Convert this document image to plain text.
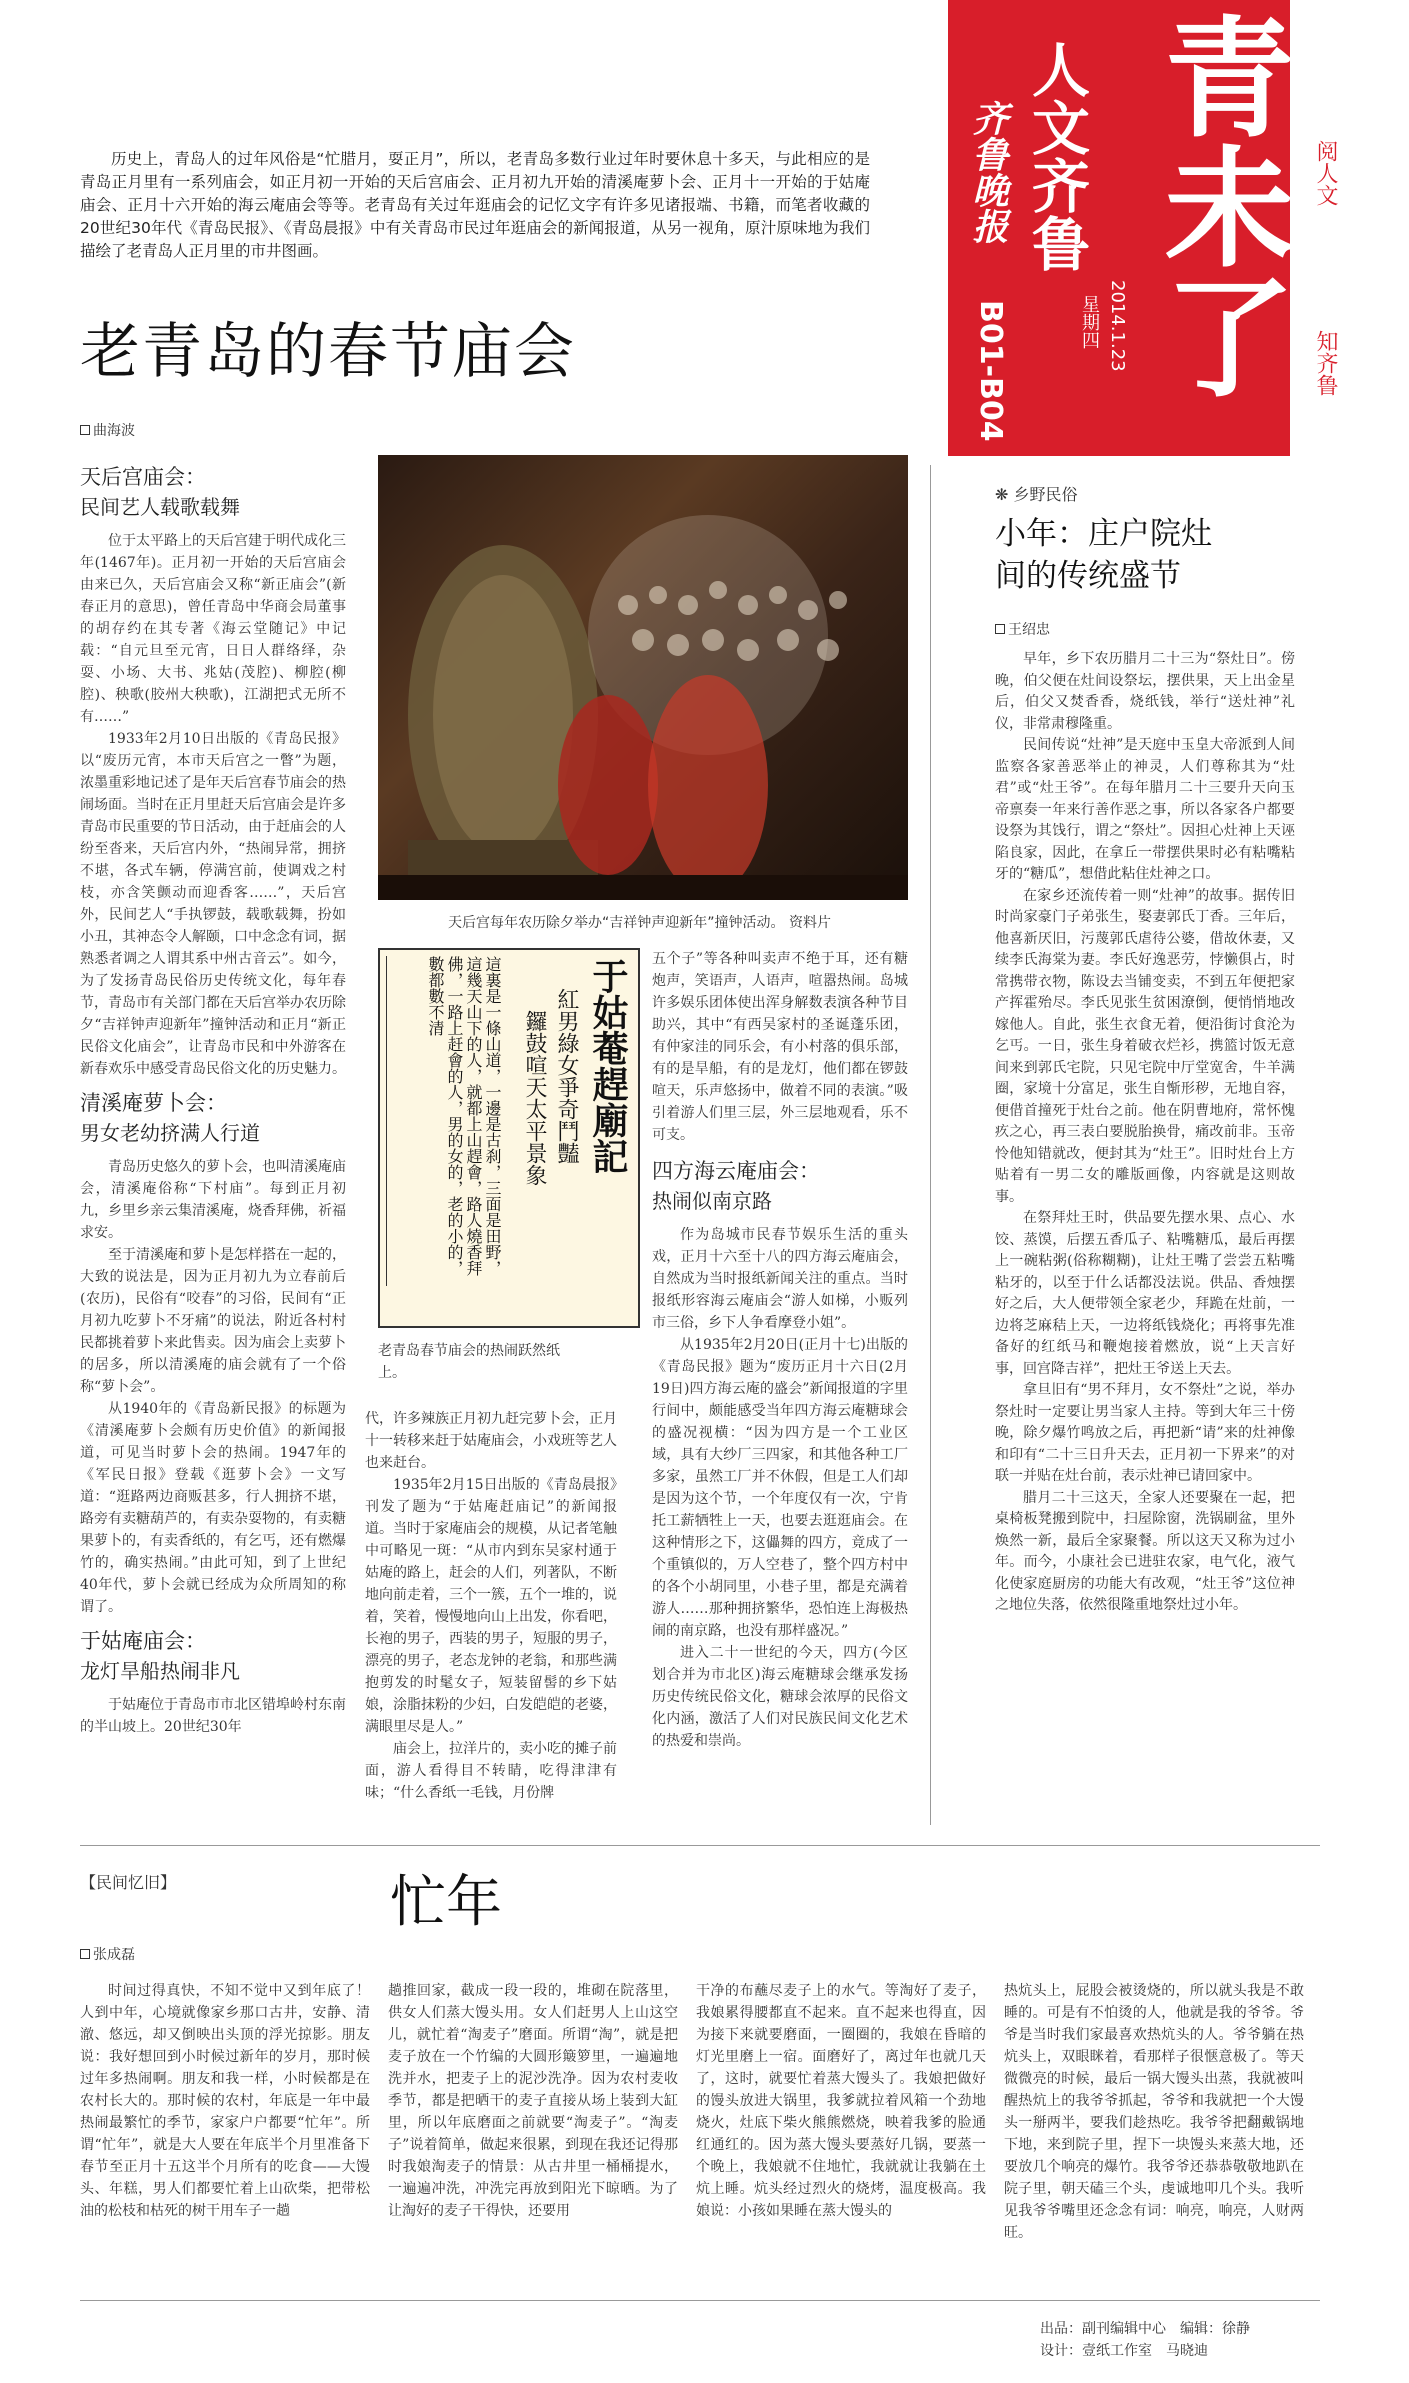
齐鲁晚报
B01-B04
人文齐鲁
星期四 2014.1.23 青未了 阅人文
知齐鲁
历史上，青岛人的过年风俗是“忙腊月，耍正月”，所以，老青岛多数行业过年时要休息十多天，与此相应的是青岛正月里有一系列庙会，如正月初一开始的天后宫庙会、正月初九开始的清溪庵萝卜会、正月十一开始的于姑庵庙会、正月十六开始的海云庵庙会等等。老青岛有关过年逛庙会的记忆文字有许多见诸报端、书籍，而笔者收藏的20世纪30年代《青岛民报》、《青岛晨报》中有关青岛市民过年逛庙会的新闻报道，从另一视角，原汁原味地为我们描绘了老青岛人正月里的市井图画。
老青岛的春节庙会
曲海波
天后宫庙会：
民间艺人载歌载舞

位于太平路上的天后宫建于明代成化三年(1467年)。正月初一开始的天后宫庙会由来已久，天后宫庙会又称“新正庙会”(新春正月的意思)，曾任青岛中华商会局董事的胡存约在其专著《海云堂随记》中记载：“自元旦至元宵，日日人群络绎，杂耍、小场、大书、兆姑(茂腔)、柳腔(柳腔)、秧歌(胶州大秧歌)，江湖把式无所不有……”

1933年2月10日出版的《青岛民报》以“废历元宵，本市天后宫之一瞥”为题，浓墨重彩地记述了是年天后宫春节庙会的热闹场面。当时在正月里赶天后宫庙会是许多青岛市民重要的节日活动，由于赶庙会的人纷至沓来，天后宫内外，“热闹异常，拥挤不堪，各式车辆，停满宫前，使调戏之村枝，亦含笑颤动而迎香客……”，天后宫外，民间艺人“手执锣鼓，载歌载舞，扮如小丑，其神态令人解颐，口中念念有词，据熟悉者调之人谓其系中州古音云”。如今，为了发扬青岛民俗历史传统文化，每年春节，青岛市有关部门都在天后宫举办农历除夕“吉祥钟声迎新年”撞钟活动和正月“新正民俗文化庙会”，让青岛市民和中外游客在新春欢乐中感受青岛民俗文化的历史魅力。

清溪庵萝卜会：
男女老幼挤满人行道

青岛历史悠久的萝卜会，也叫清溪庵庙会，清溪庵俗称“下村庙”。每到正月初九，乡里乡亲云集清溪庵，烧香拜佛，祈福求安。

至于清溪庵和萝卜是怎样搭在一起的，大致的说法是，因为正月初九为立春前后(农历)，民俗有“咬春”的习俗，民间有“正月初九吃萝卜不牙痛”的说法，附近各村村民都挑着萝卜来此售卖。因为庙会上卖萝卜的居多，所以清溪庵的庙会就有了一个俗称“萝卜会”。

从1940年的《青岛新民报》的标题为《清溪庵萝卜会颇有历史价值》的新闻报道，可见当时萝卜会的热闹。1947年的《军民日报》登载《逛萝卜会》一文写道：“逛路两边商贩甚多，行人拥挤不堪，路旁有卖糖葫芦的，有卖杂耍物的，有卖糖果萝卜的，有卖香纸的，有乞丐，还有燃爆竹的，确实热闹。”由此可知，到了上世纪40年代，萝卜会就已经成为众所周知的称谓了。

于姑庵庙会：
龙灯旱船热闹非凡

于姑庵位于青岛市市北区错埠岭村东南的半山坡上。20世纪30年

天后宫每年农历除夕举办“吉祥钟声迎新年”撞钟活动。 资料片
于姑菴趕廟記
紅男綠女爭奇鬥豔
鑼鼓喧天太平景象
這裏是一條山道，一邊是古刹，三面是田野，這幾天山下的人，就都上山趕會，路人燒香拜佛，一路上赶會的人，男的女的，老的小的，數都數不清
老青岛春节庙会的热闹跃然纸上。

代，许多辣族正月初九赶完萝卜会，正月十一转移来赶于姑庵庙会，小戏班等艺人也来赶台。

1935年2月15日出版的《青岛晨报》刊发了题为“于姑庵赶庙记”的新闻报道。当时于家庵庙会的规模，从记者笔触中可略见一斑：“从市内到东吴家村通于姑庵的路上，赶会的人们，列著队，不断地向前走着，三个一簇，五个一堆的，说着，笑着，慢慢地向山上出发，你看吧，长袍的男子，西装的男子，短服的男子，漂亮的男子，老态龙钟的老翁，和那些满抱剪发的时髦女子，短装留髻的乡下姑娘，涂脂抹粉的少妇，白发皑皑的老婆，满眼里尽是人。”

庙会上，拉洋片的，卖小吃的摊子前面，游人看得目不转睛，吃得津津有味；“什么香纸一毛钱，月份牌

五个子”等各种叫卖声不绝于耳，还有糖炮声，笑语声，人语声，喧嚣热闹。岛城许多娱乐团体使出浑身解数表演各种节目助兴，其中“有西吴家村的圣诞蓬乐团，有仲家洼的同乐会，有小村落的俱乐部，有的是旱船，有的是龙灯，他们都在锣鼓喧天，乐声悠扬中，做着不同的表演。”吸引着游人们里三层，外三层地观看，乐不可支。

四方海云庵庙会：
热闹似南京路

作为岛城市民春节娱乐生活的重头戏，正月十六至十八的四方海云庵庙会，自然成为当时报纸新闻关注的重点。当时报纸形容海云庵庙会“游人如梯，小贩列市三俗，乡下人争看摩登小姐”。

从1935年2月20日(正月十七)出版的《青岛民报》题为“废历正月十六日(2月19日)四方海云庵的盛会”新闻报道的字里行间中，颇能感受当年四方海云庵糖球会的盛况视横：“因为四方是一个工业区域，具有大纱厂三四家，和其他各种工厂多家，虽然工厂并不休假，但是工人们却是因为这个节，一个年度仅有一次，宁肯托工薪牺牲上一天，也要去逛逛庙会。在这种情形之下，这儡舞的四方，竟成了一个重镇似的，万人空巷了，整个四方村中的各个小胡同里，小巷子里，都是充满着游人……那种拥挤繁华，恐怕连上海极热闹的南京路，也没有那样盛况。”

进入二十一世纪的今天，四方(今区划合并为市北区)海云庵糖球会继承发扬历史传统民俗文化，糖球会浓厚的民俗文化内涵，激活了人们对民族民间文化艺术的热爱和崇尚。

❋ 乡野民俗
小年：庄户院灶
间的传统盛节
王绍忠

早年，乡下农历腊月二十三为“祭灶日”。傍晚，伯父便在灶间设祭坛，摆供果，天上出金星后，伯父又焚香香，烧纸钱，举行“送灶神”礼仪，非常肃穆隆重。

民间传说“灶神”是天庭中玉皇大帝派到人间监察各家善恶举止的神灵，人们尊称其为“灶君”或“灶王爷”。在每年腊月二十三要升天向玉帝禀奏一年来行善作恶之事，所以各家各户都要设祭为其饯行，谓之“祭灶”。因担心灶神上天诬陷良家，因此，在拿丘一带摆供果时必有粘嘴粘牙的“糖瓜”，想借此粘住灶神之口。

在家乡还流传着一则“灶神”的故事。据传旧时尚家豪门子弟张生，娶妻郭氏丁香。三年后，他喜新厌旧，污蔑郭氏虐待公婆，借故休妻，又续李氏海棠为妻。李氏好逸恶劳，悖懒俱占，时常携带衣物，陈设去当铺变卖，不到五年便把家产挥霍殆尽。李氏见张生贫困潦倒，便悄悄地改嫁他人。自此，张生衣食无着，便沿街讨食沦为乞丐。一日，张生身着破衣烂衫，携篮讨饭无意间来到郭氏宅院，只见宅院中厅堂宽舍，牛羊满圈，家境十分富足，张生自惭形秽，无地自容，便借首撞死于灶台之前。他在阴曹地府，常怀愧疚之心，再三表白要脱胎换骨，痛改前非。玉帝怜他知错就改，便封其为“灶王”。旧时灶台上方贴着有一男二女的雕版画像，内容就是这则故事。

在祭拜灶王时，供品要先摆水果、点心、水饺、蒸馍，后摆五香瓜子、粘嘴糖瓜，最后再摆上一碗粘粥(俗称糊糊)，让灶王嘴了尝尝五粘嘴粘牙的，以至于什么话都没法说。供品、香烛摆好之后，大人便带领全家老少，拜跪在灶前，一边将芝麻秸上天，一边将纸钱烧化；再将事先准备好的红纸马和鞭炮接着燃放，说“上天言好事，回宫降吉祥”，把灶王爷送上天去。

拿旦旧有“男不拜月，女不祭灶”之说，举办祭灶时一定要让男当家人主持。等到大年三十傍晚，除夕爆竹鸣放之后，再把新“请”来的灶神像和印有“二十三日升天去，正月初一下界来”的对联一并贴在灶台前，表示灶神已请回家中。

腊月二十三这天，全家人还要聚在一起，把桌椅板凳搬到院中，扫屋除窗，洗锅刷盆，里外焕然一新，最后全家聚餐。所以这天又称为过小年。而今，小康社会已进驻农家，电气化，液气化使家庭厨房的功能大有改观，“灶王爷”这位神之地位失落，依然很隆重地祭灶过小年。

【民间忆旧】	忙年
张成磊

时间过得真快，不知不觉中又到年底了！人到中年，心境就像家乡那口古井，安静、清澈、悠远，却又倒映出头顶的浮光掠影。朋友说：我好想回到小时候过新年的岁月，那时候过年多热闹啊。朋友和我一样，小时候都是在农村长大的。那时候的农村，年底是一年中最热闹最繁忙的季节，家家户户都要“忙年”。所谓“忙年”，就是大人要在年底半个月里准备下春节至正月十五这半个月所有的吃食——大馒头、年糕，男人们都要忙着上山砍柴，把带松油的松枝和枯死的树干用车子一趟

趟推回家，截成一段一段的，堆砌在院落里，供女人们蒸大馒头用。女人们赶男人上山这空儿，就忙着“淘麦子”磨面。所谓“淘”，就是把麦子放在一个竹编的大圆形簸箩里，一遍遍地洗并水，把麦子上的泥沙洗净。因为农村麦收季节，都是把晒干的麦子直接从场上装到大缸里，所以年底磨面之前就要“淘麦子”。“淘麦子”说着简单，做起来很累，到现在我还记得那时我娘淘麦子的情景：从古井里一桶桶提水，一遍遍冲洗，冲洗完再放到阳光下晾晒。为了让淘好的麦子干得快，还要用

干净的布蘸尽麦子上的水气。等淘好了麦子，我娘累得腰都直不起来。直不起来也得直，因为接下来就要磨面，一圈圈的，我娘在昏暗的灯光里磨上一宿。面磨好了，离过年也就几天了，这时，就要忙着蒸大馒头了。我娘把做好的馒头放进大锅里，我爹就拉着风箱一个劲地烧火，灶底下柴火熊熊燃烧，映着我爹的脸通红通红的。因为蒸大馒头要蒸好几锅，要蒸一个晚上，我娘就不住地忙，我就就让我躺在土炕上睡。炕头经过烈火的烧烤，温度极高。我娘说：小孩如果睡在蒸大馒头的

热炕头上，屁股会被烫烧的，所以就头我是不敢睡的。可是有不怕烫的人，他就是我的爷爷。爷爷是当时我们家最喜欢热炕头的人。爷爷躺在热炕头上，双眼眯着，看那样子很惬意极了。等天微微亮的时候，最后一锅大馒头出蒸，我就被叫醒热炕上的我爷爷抓起，爷爷和我就把一个大馒头一掰两半，要我们趁热吃。我爷爷把翻戴锅地下地，来到院子里，捏下一块馒头来蒸大地，还要放几个响亮的爆竹。我爷爷还恭恭敬敬地趴在院子里，朝天磕三个头，虔诚地叩几个头。我听见我爷爷嘴里还念念有词：响亮，响亮，人财两旺。

出品：副刊编辑中心　编辑：徐静
设计：壹纸工作室　马晓迪
